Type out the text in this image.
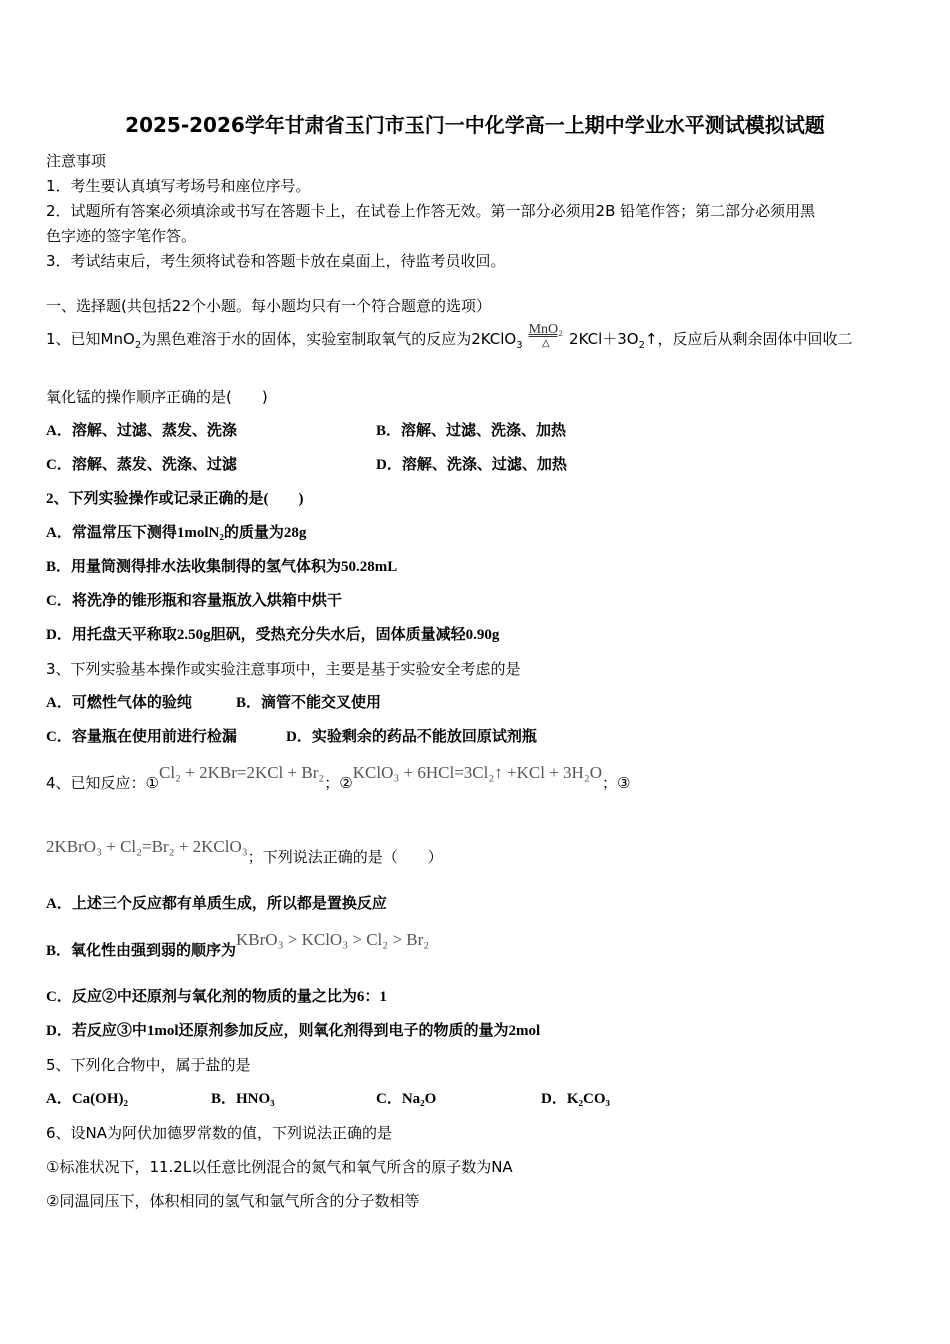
2025-2026学年甘肃省玉门市玉门一中化学高一上期中学业水平测试模拟试题
注意事项
1．考生要认真填写考场号和座位序号。
2．试题所有答案必须填涂或书写在答题卡上，在试卷上作答无效。第一部分必须用2B 铅笔作答；第二部分必须用黑
色字迹的签字笔作答。
3．考试结束后，考生须将试卷和答题卡放在桌面上，待监考员收回。
一、选择题(共包括22个小题。每小题均只有一个符合题意的选项）
1、已知MnO$_2$为黑色难溶于水的固体，实验室制取氧气的反应为2KClO$_3$
MnO₂
△ $2KCl+3O_2↑$，反应后从剩余固体中回收二
氧化锰的操作顺序正确的是(　　)
A．溶解、过滤、蒸发、洗涤	B．溶解、过滤、洗涤、加热
C．溶解、蒸发、洗涤、过滤	D．溶解、洗涤、过滤、加热
2、下列实验操作或记录正确的是(　　)
A．常温常压下测得1molN₂的质量为28g
B．用量筒测得排水法收集制得的氢气体积为50.28mL
C．将洗净的锥形瓶和容量瓶放入烘箱中烘干
D．用托盘天平称取2.50g胆矾，受热充分失水后，固体质量减轻0.90g
3、下列实验基本操作或实验注意事项中，主要是基于实验安全考虑的是
A．可燃性气体的验纯	B．滴管不能交叉使用
C．容量瓶在使用前进行检漏	D．实验剩余的药品不能放回原试剂瓶
4、已知反应：①Cl₂ + 2KBr=2KCl + Br₂；②KClO₃ + 6HCl=3Cl₂↑ +KCl + 3H₂O；③
2KBrO₃ + Cl₂=Br₂ + 2KClO₃；下列说法正确的是（　　）
A．上述三个反应都有单质生成，所以都是置换反应
B．氧化性由强到弱的顺序为KBrO₃ > KClO₃ > Cl₂ > Br₂
C．反应②中还原剂与氧化剂的物质的量之比为6：1
D．若反应③中1mol还原剂参加反应，则氧化剂得到电子的物质的量为2mol
5、下列化合物中，属于盐的是
A．Ca(OH)₂	B．HNO₃	C．Na₂O	D．K₂CO₃
6、设NA为阿伏加德罗常数的值，下列说法正确的是
①标准状况下，11.2L以任意比例混合的氮气和氧气所含的原子数为NA
②同温同压下，体积相同的氢气和氩气所含的分子数相等
